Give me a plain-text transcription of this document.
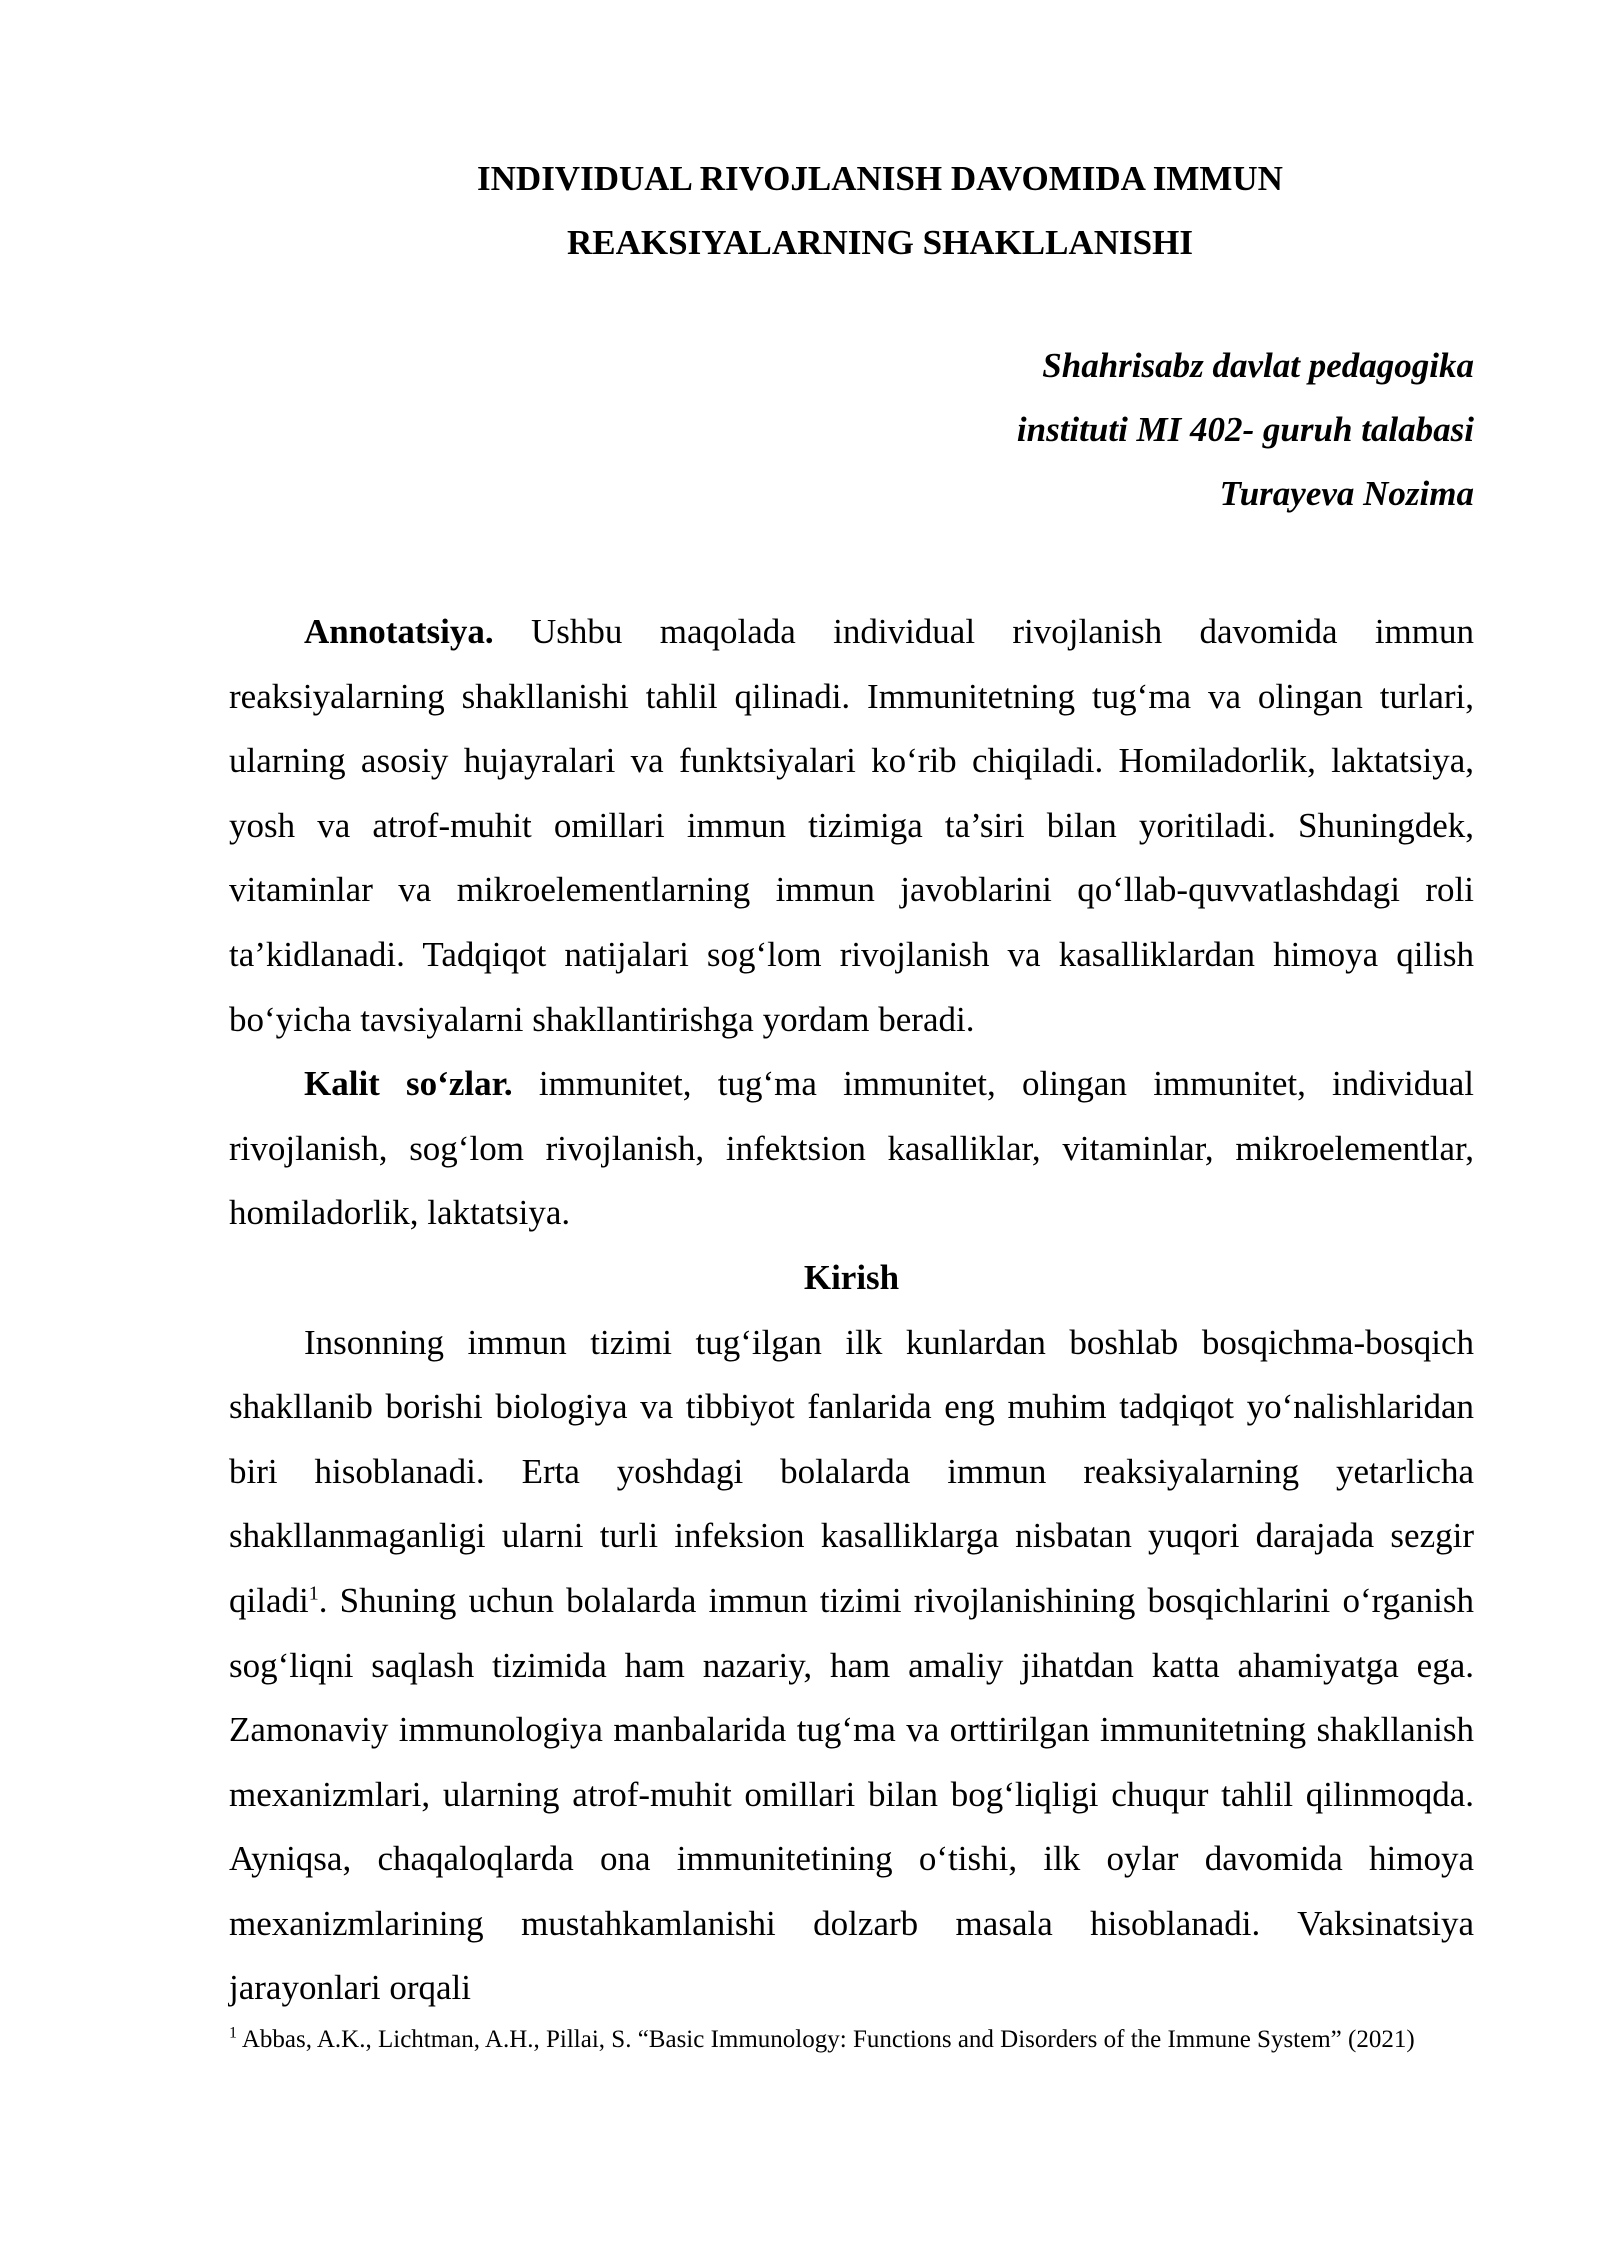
INDIVIDUAL RIVOJLANISH DAVOMIDA IMMUN
REAKSIYALARNING SHAKLLANISHI
Shahrisabz davlat pedagogika
instituti MI 402- guruh talabasi
Turayeva Nozima

Annotatsiya. Ushbu maqolada individual rivojlanish davomida immun reaksiyalarning shakllanishi tahlil qilinadi. Immunitetning tug‘ma va olingan turlari, ularning asosiy hujayralari va funktsiyalari ko‘rib chiqiladi. Homiladorlik, laktatsiya, yosh va atrof-muhit omillari immun tizimiga ta’siri bilan yoritiladi. Shuningdek, vitaminlar va mikroelementlarning immun javoblarini qo‘llab-quvvatlashdagi roli ta’kidlanadi. Tadqiqot natijalari sog‘lom rivojlanish va kasalliklardan himoya qilish bo‘yicha tavsiyalarni shakllantirishga yordam beradi.

Kalit so‘zlar. immunitet, tug‘ma immunitet, olingan immunitet, individual rivojlanish, sog‘lom rivojlanish, infektsion kasalliklar, vitaminlar, mikroelementlar, homiladorlik, laktatsiya.

Kirish

Insonning immun tizimi tug‘ilgan ilk kunlardan boshlab bosqichma-bosqich shakllanib borishi biologiya va tibbiyot fanlarida eng muhim tadqiqot yo‘nalishlaridan biri hisoblanadi. Erta yoshdagi bolalarda immun reaksiyalarning yetarlicha shakllanmaganligi ularni turli infeksion kasalliklarga nisbatan yuqori darajada sezgir qiladi$^1$. Shuning uchun bolalarda immun tizimi rivojlanishining bosqichlarini o‘rganish sog‘liqni saqlash tizimida ham nazariy, ham amaliy jihatdan katta ahamiyatga ega. Zamonaviy immunologiya manbalarida tug‘ma va orttirilgan immunitetning shakllanish mexanizmlari, ularning atrof-muhit omillari bilan bog‘liqligi chuqur tahlil qilinmoqda. Ayniqsa, chaqaloqlarda ona immunitetining o‘tishi, ilk oylar davomida himoya mexanizmlarining mustahkamlanishi dolzarb masala hisoblanadi. Vaksinatsiya jarayonlari orqali

$^1$ Abbas, A.K., Lichtman, A.H., Pillai, S. “Basic Immunology: Functions and Disorders of the Immune System” (2021)
